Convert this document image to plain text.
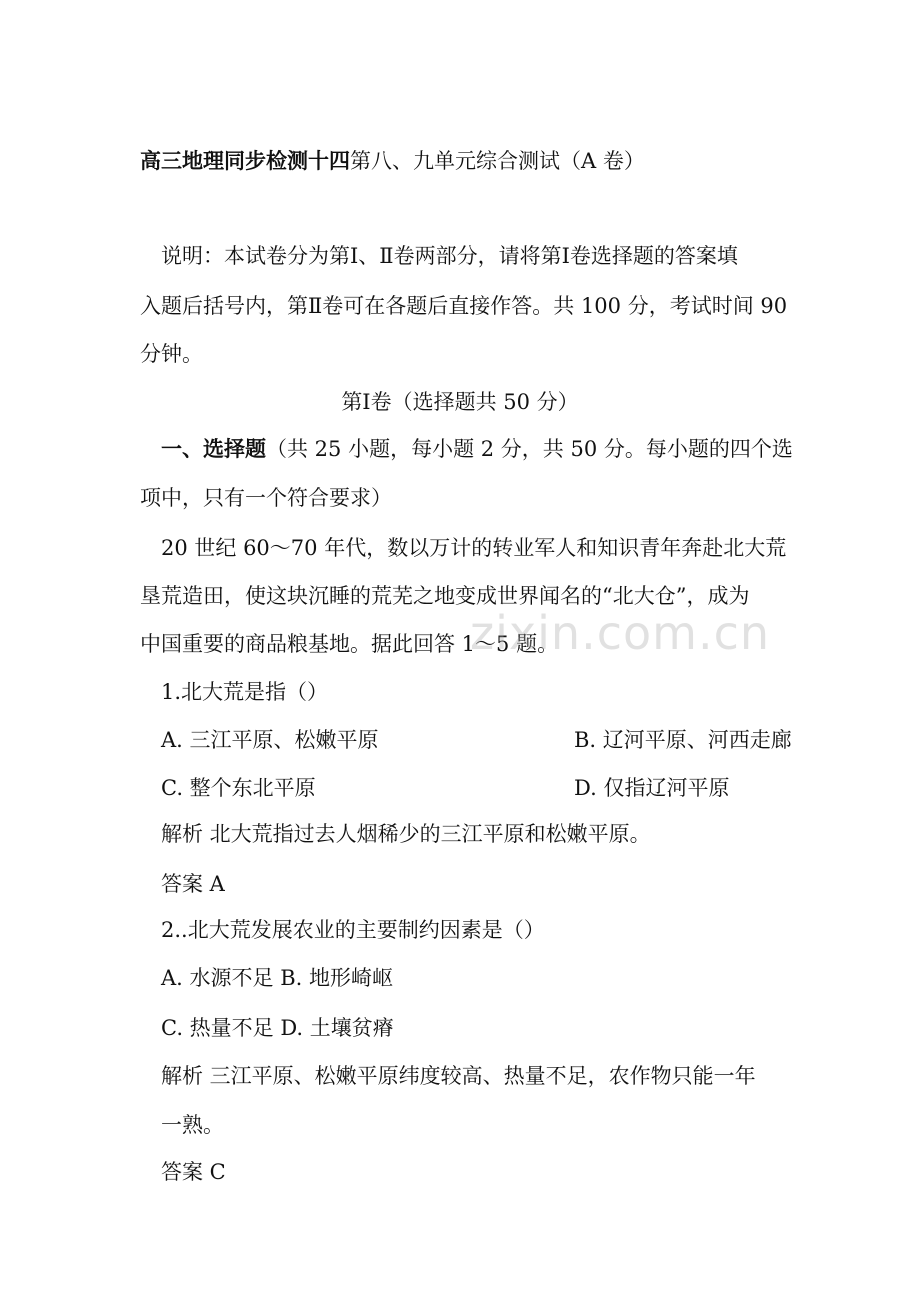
高三地理同步检测十四第八、九单元综合测试（A 卷）
说明：本试卷分为第Ⅰ、Ⅱ卷两部分，请将第Ⅰ卷选择题的答案填
入题后括号内，第Ⅱ卷可在各题后直接作答。共 100 分，考试时间 90
分钟。
第Ⅰ卷（选择题共 50 分）
一、选择题（共 25 小题，每小题 2 分，共 50 分。每小题的四个选
项中，只有一个符合要求）
20 世纪 60～70 年代，数以万计的转业军人和知识青年奔赴北大荒
垦荒造田，使这块沉睡的荒芜之地变成世界闻名的“北大仓”，成为
中国重要的商品粮基地。据此回答 1～5 题。
1.北大荒是指（）
A. 三江平原、松嫩平原	B. 辽河平原、河西走廊
C. 整个东北平原	D. 仅指辽河平原
解析 北大荒指过去人烟稀少的三江平原和松嫩平原。
答案 A
2..北大荒发展农业的主要制约因素是（）
A. 水源不足 B. 地形崎岖
C. 热量不足 D. 土壤贫瘠
解析 三江平原、松嫩平原纬度较高、热量不足，农作物只能一年
一熟。
答案 C
zixin.com.cn
